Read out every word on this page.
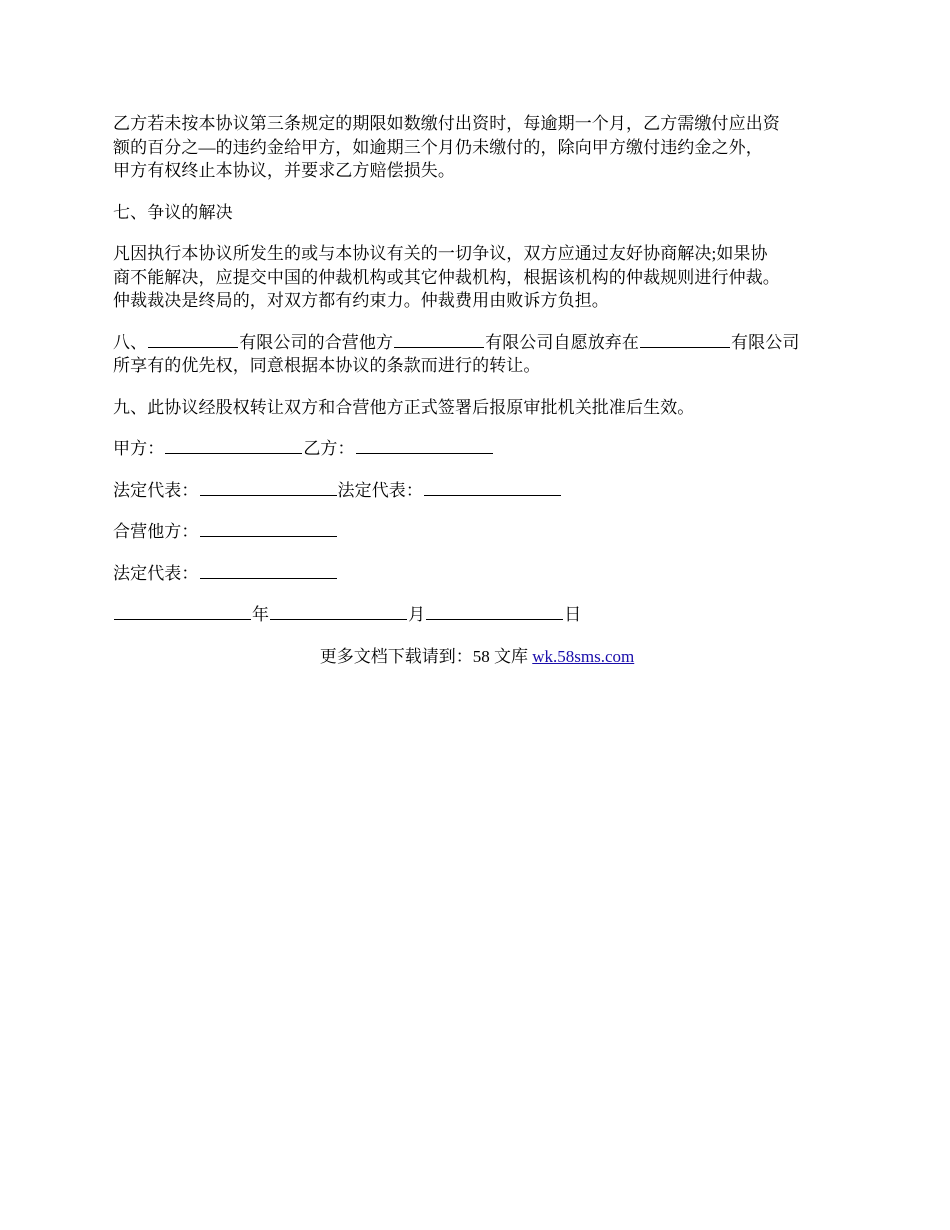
乙方若未按本协议第三条规定的期限如数缴付出资时，每逾期一个月，乙方需缴付应出资
额的百分之—的违约金给甲方，如逾期三个月仍未缴付的，除向甲方缴付违约金之外，
甲方有权终止本协议，并要求乙方赔偿损失。

七、争议的解决

凡因执行本协议所发生的或与本协议有关的一切争议，双方应通过友好协商解决;如果协
商不能解决，应提交中国的仲裁机构或其它仲裁机构，根据该机构的仲裁规则进行仲裁。
仲裁裁决是终局的，对双方都有约束力。仲裁费用由败诉方负担。

八、	有限公司的合营他方	有限公司自愿放弃在	有限公司
所享有的优先权，同意根据本协议的条款而进行的转让。

九、此协议经股权转让双方和合营他方正式签署后报原审批机关批准后生效。

甲方：	乙方：

法定代表：	法定代表：

合营他方：

法定代表：

年	月	日

更多文档下载请到：58 文库 wk.58sms.com
